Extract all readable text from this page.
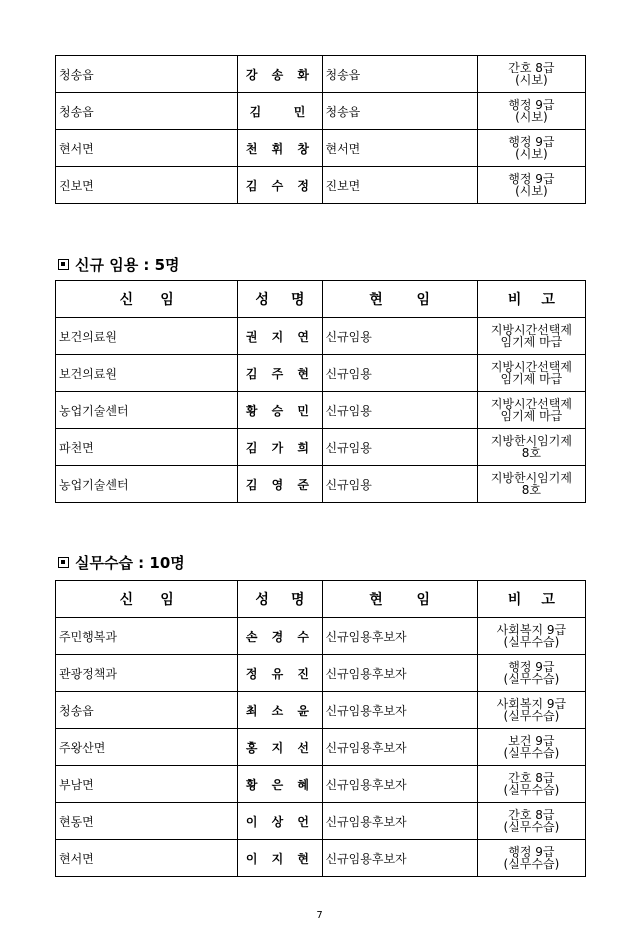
청송읍	강 송 화	청송읍	간호 8급
(시보)

청송읍	김   민	청송읍	행정 9급
(시보)

현서면	천 휘 창	현서면	행정 9급
(시보)

진보면	김 수 정	진보면	행정 9급
(시보)
신규 임용 : 5명
신 임	성 명	현 임	비 고

보건의료원	권 지 연	신규임용	지방시간선택제
임기제 마급

보건의료원	김 주 현	신규임용	지방시간선택제
임기제 마급

농업기술센터	황 승 민	신규임용	지방시간선택제
임기제 마급

파천면	김 가 희	신규임용	지방한시임기제
8호

농업기술센터	김 영 준	신규임용	지방한시임기제
8호
실무수습 : 10명
신 임	성 명	현 임	비 고

주민행복과	손 경 수	신규임용후보자	사회복지 9급
(실무수습)

관광정책과	정 유 진	신규임용후보자	행정 9급
(실무수습)

청송읍	최 소 윤	신규임용후보자	사회복지 9급
(실무수습)

주왕산면	홍 지 선	신규임용후보자	보건 9급
(실무수습)

부남면	황 은 혜	신규임용후보자	간호 8급
(실무수습)

현동면	이 상 언	신규임용후보자	간호 8급
(실무수습)

현서면	이 지 현	신규임용후보자	행정 9급
(실무수습)
7
